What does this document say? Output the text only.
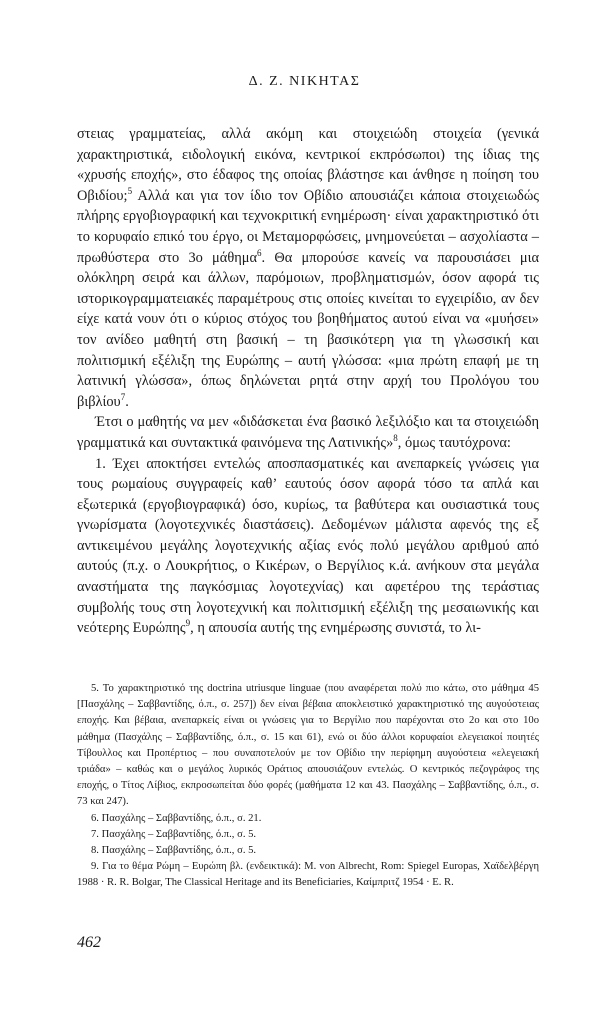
Δ. Ζ. ΝΙΚΗΤΑΣ

στειας γραμματείας, αλλά ακόμη και στοιχειώδη στοιχεία (γενικά χαρακτηριστικά, ειδολογική εικόνα, κεντρικοί εκπρόσωποι) της ίδιας της «χρυσής εποχής», στο έδαφος της οποίας βλάστησε και άνθησε η ποίηση του Οβιδίου;$^5$ Αλλά και για τον ίδιο τον Οβίδιο απουσιάζει κάποια στοιχειωδώς πλήρης εργοβιογραφική και τεχνοκριτική ενημέρωση· είναι χαρακτηριστικό ότι το κορυφαίο επικό του έργο, οι Μεταμορφώσεις, μνημονεύεται – ασχολίαστα – πρωθύστερα στο 3ο μάθημα$^6$. Θα μπορούσε κανείς να παρουσιάσει μια ολόκληρη σειρά και άλλων, παρόμοιων, προβληματισμών, όσον αφορά τις ιστορικογραμματειακές παραμέτρους στις οποίες κινείται το εγχειρίδιο, αν δεν είχε κατά νουν ότι ο κύριος στόχος του βοηθήματος αυτού είναι να «μυήσει» τον ανίδεο μαθητή στη βασική – τη βασικότερη για τη γλωσσική και πολιτισμική εξέλιξη της Ευρώπης – αυτή γλώσσα: «μια πρώτη επαφή με τη λατινική γλώσσα», όπως δηλώνεται ρητά στην αρχή του Προλόγου του βιβλίου$^7$.

Έτσι ο μαθητής να μεν «διδάσκεται ένα βασικό λεξιλόξιο και τα στοιχειώδη γραμματικά και συντακτικά φαινόμενα της Λατινικής»$^8$, όμως ταυτόχρονα:

1. Έχει αποκτήσει εντελώς αποσπασματικές και ανεπαρκείς γνώσεις για τους ρωμαίους συγγραφείς καθ’ εαυτούς όσον αφορά τόσο τα απλά και εξωτερικά (εργοβιογραφικά) όσο, κυρίως, τα βαθύτερα και ουσιαστικά τους γνωρίσματα (λογοτεχνικές διαστάσεις). Δεδομένων μάλιστα αφενός της εξ αντικειμένου μεγάλης λογοτεχνικής αξίας ενός πολύ μεγάλου αριθμού από αυτούς (π.χ. ο Λουκρήτιος, ο Κικέρων, ο Βεργίλιος κ.ά. ανήκουν στα μεγάλα αναστήματα της παγκόσμιας λογοτεχνίας) και αφετέρου της τεράστιας συμβολής τους στη λογοτεχνική και πολιτισμική εξέλιξη της μεσαιωνικής και νεότερης Ευρώπης$^9$, η απουσία αυτής της ενημέρωσης συνιστά, το λι-

5. Το χαρακτηριστικό της doctrina utriusque linguae (που αναφέρεται πολύ πιο κάτω, στο μάθημα 45 [Πασχάλης – Σαββαντίδης, ό.π., σ. 257]) δεν είναι βέβαια αποκλειστικό χαρακτηριστικό της αυγούστειας εποχής. Και βέβαια, ανεπαρκείς είναι οι γνώσεις για το Βεργίλιο που παρέχονται στο 2ο και στο 10ο μάθημα (Πασχάλης – Σαββαντίδης, ό.π., σ. 15 και 61), ενώ οι δύο άλλοι κορυφαίοι ελεγειακοί ποιητές Τίβουλλος και Προπέρτιος – που συναποτελούν με τον Οβίδιο την περίφημη αυγούστεια «ελεγειακή τριάδα» – καθώς και ο μεγάλος λυρικός Οράτιος απουσιάζουν εντελώς. Ο κεντρικός πεζογράφος της εποχής, ο Τίτος Λίβιος, εκπροσωπείται δύο φορές (μαθήματα 12 και 43. Πασχάλης – Σαββαντίδης, ό.π., σ. 73 και 247).

6. Πασχάλης – Σαββαντίδης, ό.π., σ. 21.

7. Πασχάλης – Σαββαντίδης, ό.π., σ. 5.

8. Πασχάλης – Σαββαντίδης, ό.π., σ. 5.

9. Για το θέμα Ρώμη – Ευρώπη βλ. (ενδεικτικά): M. von Albrecht, Rom: Spiegel Europas, Χαϊδελβέργη 1988 · R. R. Bolgar, The Classical Heritage and its Beneficiaries, Καίμπριτζ 1954 · E. R.

462
